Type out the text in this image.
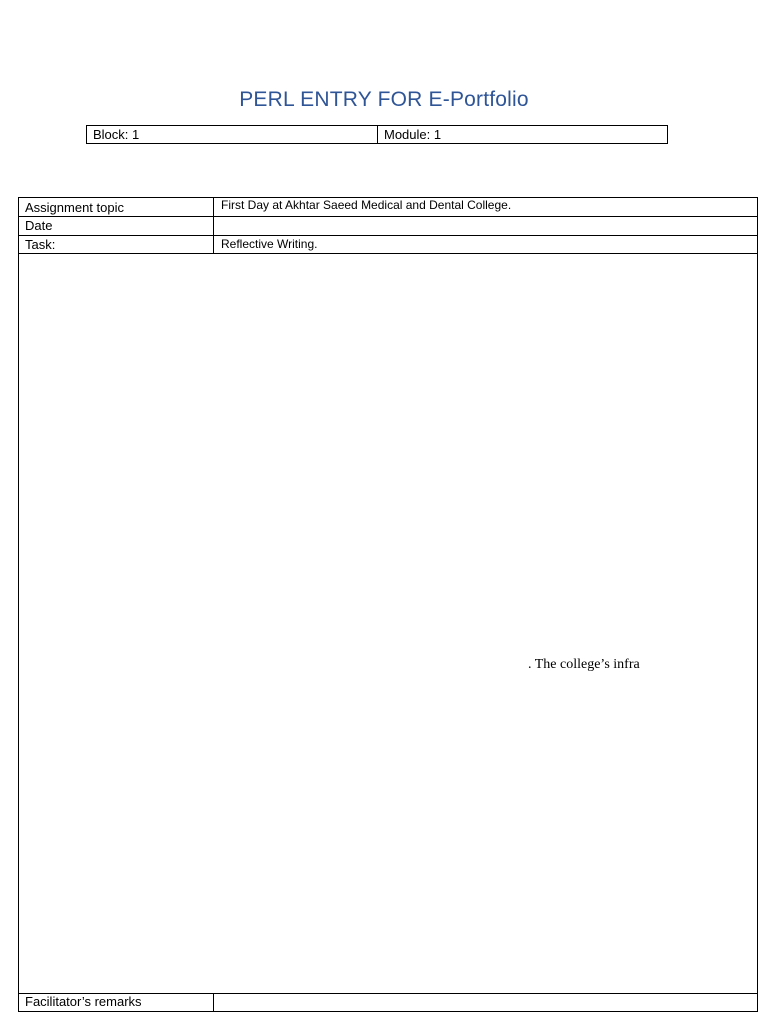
PERL ENTRY FOR E-Portfolio
Block: 1	Module: 1
Assignment topic	First Day at Akhtar Saeed Medical and Dental College.
Date
Task:	Reflective Writing.
. The college’s infra
Facilitator’s remarks
